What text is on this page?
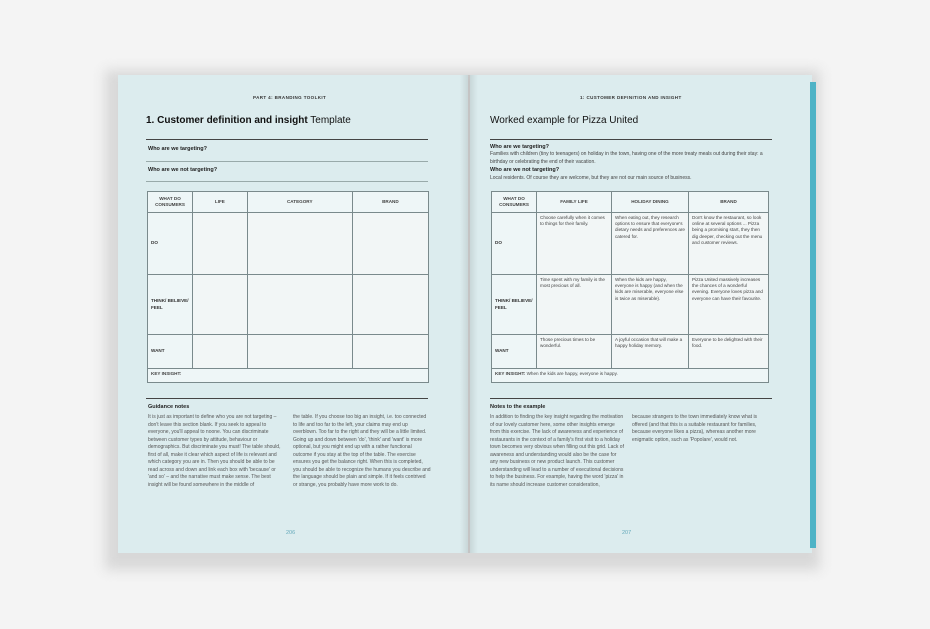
PART 4: BRANDING TOOLKIT
1. Customer definition and insight Template
Who are we targeting?
Who are we not targeting?
WHAT DO CONSUMERS	LIFE	CATEGORY	BRAND
DO			
THINK/ BELIEVE/ FEEL			
WANT			
KEY INSIGHT:			
Guidance notes

It is just as important to define who you are not targeting – don't leave this section blank. If you seek to appeal to everyone, you'll appeal to noone. You can discriminate between customer types by attitude, behaviour or demographics. But discriminate you must! The table should, first of all, make it clear which aspect of life is relevant and which category you are in. Then you should be able to be read across and down and link each box with 'because' or 'and so' – and the narrative must make sense. The best insight will be found somewhere in the middle of

the table. If you choose too big an insight, i.e. too connected to life and too far to the left, your claims may end up overblown. Too far to the right and they will be a little limited. Going up and down between 'do', 'think' and 'want' is more optional, but you might end up with a rather functional outcome if you stay at the top of the table. The exercise ensures you get the balance right. When this is completed, you should be able to recognize the humans you describe and the language should be plain and simple. If it feels contrived or strange, you probably have more work to do.

206
1: CUSTOMER DEFINITION AND INSIGHT
Worked example for Pizza United
Who are we targeting?
Families with children (tiny to teenagers) on holiday in the town, having one of the more treaty meals out during their stay: a birthday or celebrating the end of their vacation.
Who are we not targeting?
Local residents. Of course they are welcome, but they are not our main source of business.
WHAT DO CONSUMERS	FAMILY LIFE	HOLIDAY DINING	BRAND
DO	Choose carefully when it comes to things for their family.	When eating out, they research options to ensure that everyone's dietary needs and preferences are catered for.	Don't know the restaurant, so look online at several options ... Pizza being a promising start, they then dig deeper, checking out the menu and customer reviews.
THINK/ BELIEVE/ FEEL	Time spent with my family is the most precious of all.	When the kids are happy, everyone is happy (and when the kids are miserable, everyone else is twice as miserable).	Pizza United massively increases the chances of a wonderful evening. Everyone loves pizza and everyone can have their favourite.
WANT	Those precious times to be wonderful.	A joyful occasion that will make a happy holiday memory.	Everyone to be delighted with their food.
KEY INSIGHT: When the kids are happy, everyone is happy.			
Notes to the example

In addition to finding the key insight regarding the motivation of our lovely customer here, some other insights emerge from this exercise. The lack of awareness and experience of restaurants in the context of a family's first visit to a holiday town becomes very obvious when filling out this grid. Lack of awareness and understanding would also be the case for any new business or new product launch. This customer understanding will lead to a number of executional decisions to help the business. For example, having the word 'pizza' in its name should increase customer consideration,

because strangers to the town immediately know what is offered (and that this is a suitable restaurant for families, because everyone likes a pizza), whereas another more enigmatic option, such as 'Popolare', would not.

207
